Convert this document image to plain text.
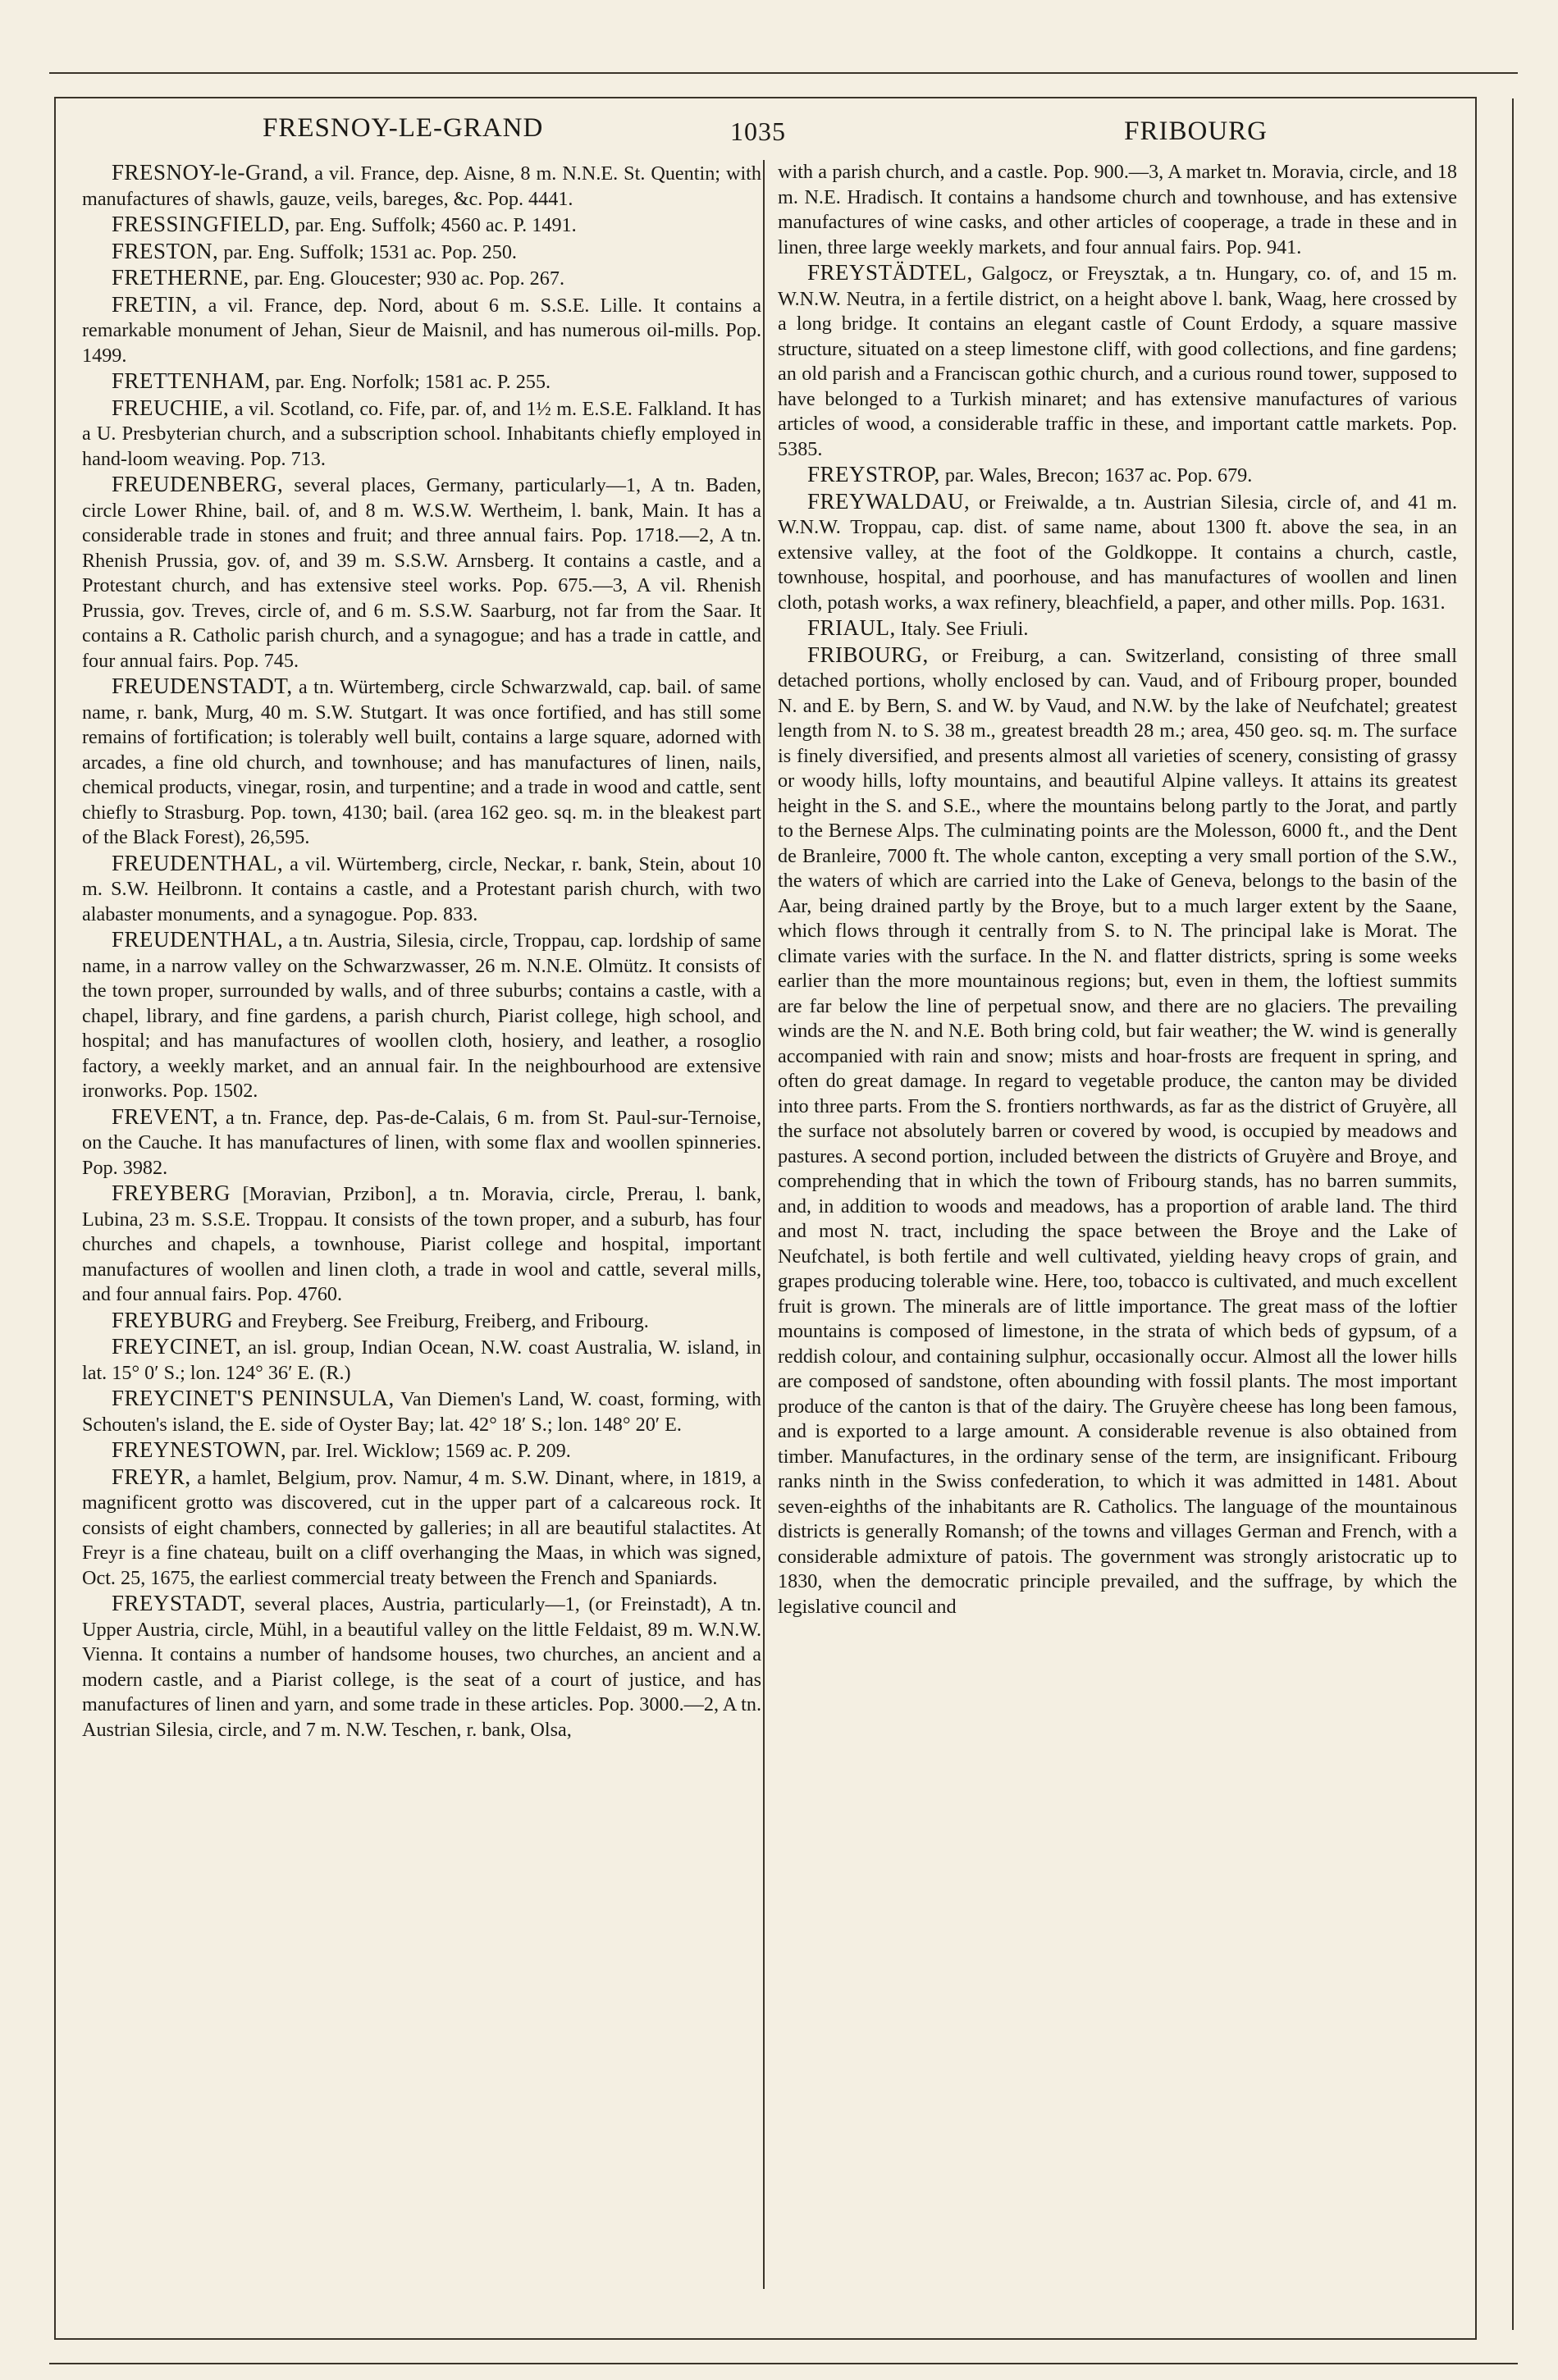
FRESNOY-LE-GRAND	1035	FRIBOURG

FRESNOY-le-Grand, a vil. France, dep. Aisne, 8 m. N.N.E. St. Quentin; with manufactures of shawls, gauze, veils, bareges, &c. Pop. 4441.

FRESSINGFIELD, par. Eng. Suffolk; 4560 ac. P. 1491.

FRESTON, par. Eng. Suffolk; 1531 ac. Pop. 250.

FRETHERNE, par. Eng. Gloucester; 930 ac. Pop. 267.

FRETIN, a vil. France, dep. Nord, about 6 m. S.S.E. Lille. It contains a remarkable monument of Jehan, Sieur de Maisnil, and has numerous oil-mills. Pop. 1499.

FRETTENHAM, par. Eng. Norfolk; 1581 ac. P. 255.

FREUCHIE, a vil. Scotland, co. Fife, par. of, and 1½ m. E.S.E. Falkland. It has a U. Presbyterian church, and a subscription school. Inhabitants chiefly employed in hand-loom weaving. Pop. 713.

FREUDENBERG, several places, Germany, particularly—1, A tn. Baden, circle Lower Rhine, bail. of, and 8 m. W.S.W. Wertheim, l. bank, Main. It has a considerable trade in stones and fruit; and three annual fairs. Pop. 1718.—2, A tn. Rhenish Prussia, gov. of, and 39 m. S.S.W. Arnsberg. It contains a castle, and a Protestant church, and has extensive steel works. Pop. 675.—3, A vil. Rhenish Prussia, gov. Treves, circle of, and 6 m. S.S.W. Saarburg, not far from the Saar. It contains a R. Catholic parish church, and a synagogue; and has a trade in cattle, and four annual fairs. Pop. 745.

FREUDENSTADT, a tn. Würtemberg, circle Schwarzwald, cap. bail. of same name, r. bank, Murg, 40 m. S.W. Stutgart. It was once fortified, and has still some remains of fortification; is tolerably well built, contains a large square, adorned with arcades, a fine old church, and townhouse; and has manufactures of linen, nails, chemical products, vinegar, rosin, and turpentine; and a trade in wood and cattle, sent chiefly to Strasburg. Pop. town, 4130; bail. (area 162 geo. sq. m. in the bleakest part of the Black Forest), 26,595.

FREUDENTHAL, a vil. Würtemberg, circle, Neckar, r. bank, Stein, about 10 m. S.W. Heilbronn. It contains a castle, and a Protestant parish church, with two alabaster monuments, and a synagogue. Pop. 833.

FREUDENTHAL, a tn. Austria, Silesia, circle, Troppau, cap. lordship of same name, in a narrow valley on the Schwarzwasser, 26 m. N.N.E. Olmütz. It consists of the town proper, surrounded by walls, and of three suburbs; contains a castle, with a chapel, library, and fine gardens, a parish church, Piarist college, high school, and hospital; and has manufactures of woollen cloth, hosiery, and leather, a rosoglio factory, a weekly market, and an annual fair. In the neighbourhood are extensive ironworks. Pop. 1502.

FREVENT, a tn. France, dep. Pas-de-Calais, 6 m. from St. Paul-sur-Ternoise, on the Cauche. It has manufactures of linen, with some flax and woollen spinneries. Pop. 3982.

FREYBERG [Moravian, Przibon], a tn. Moravia, circle, Prerau, l. bank, Lubina, 23 m. S.S.E. Troppau. It consists of the town proper, and a suburb, has four churches and chapels, a townhouse, Piarist college and hospital, important manufactures of woollen and linen cloth, a trade in wool and cattle, several mills, and four annual fairs. Pop. 4760.

FREYBURG and Freyberg. See Freiburg, Freiberg, and Fribourg.

FREYCINET, an isl. group, Indian Ocean, N.W. coast Australia, W. island, in lat. 15° 0′ S.; lon. 124° 36′ E. (R.)

FREYCINET'S PENINSULA, Van Diemen's Land, W. coast, forming, with Schouten's island, the E. side of Oyster Bay; lat. 42° 18′ S.; lon. 148° 20′ E.

FREYNESTOWN, par. Irel. Wicklow; 1569 ac. P. 209.

FREYR, a hamlet, Belgium, prov. Namur, 4 m. S.W. Dinant, where, in 1819, a magnificent grotto was discovered, cut in the upper part of a calcareous rock. It consists of eight chambers, connected by galleries; in all are beautiful stalactites. At Freyr is a fine chateau, built on a cliff overhanging the Maas, in which was signed, Oct. 25, 1675, the earliest commercial treaty between the French and Spaniards.

FREYSTADT, several places, Austria, particularly—1, (or Freinstadt), A tn. Upper Austria, circle, Mühl, in a beautiful valley on the little Feldaist, 89 m. W.N.W. Vienna. It contains a number of handsome houses, two churches, an ancient and a modern castle, and a Piarist college, is the seat of a court of justice, and has manufactures of linen and yarn, and some trade in these articles. Pop. 3000.—2, A tn. Austrian Silesia, circle, and 7 m. N.W. Teschen, r. bank, Olsa,

with a parish church, and a castle. Pop. 900.—3, A market tn. Moravia, circle, and 18 m. N.E. Hradisch. It contains a handsome church and townhouse, and has extensive manufactures of wine casks, and other articles of cooperage, a trade in these and in linen, three large weekly markets, and four annual fairs. Pop. 941.

FREYSTÄDTEL, Galgocz, or Freysztak, a tn. Hungary, co. of, and 15 m. W.N.W. Neutra, in a fertile district, on a height above l. bank, Waag, here crossed by a long bridge. It contains an elegant castle of Count Erdody, a square massive structure, situated on a steep limestone cliff, with good collections, and fine gardens; an old parish and a Franciscan gothic church, and a curious round tower, supposed to have belonged to a Turkish minaret; and has extensive manufactures of various articles of wood, a considerable traffic in these, and important cattle markets. Pop. 5385.

FREYSTROP, par. Wales, Brecon; 1637 ac. Pop. 679.

FREYWALDAU, or Freiwalde, a tn. Austrian Silesia, circle of, and 41 m. W.N.W. Troppau, cap. dist. of same name, about 1300 ft. above the sea, in an extensive valley, at the foot of the Goldkoppe. It contains a church, castle, townhouse, hospital, and poorhouse, and has manufactures of woollen and linen cloth, potash works, a wax refinery, bleachfield, a paper, and other mills. Pop. 1631.

FRIAUL, Italy. See Friuli.

FRIBOURG, or Freiburg, a can. Switzerland, consisting of three small detached portions, wholly enclosed by can. Vaud, and of Fribourg proper, bounded N. and E. by Bern, S. and W. by Vaud, and N.W. by the lake of Neufchatel; greatest length from N. to S. 38 m., greatest breadth 28 m.; area, 450 geo. sq. m. The surface is finely diversified, and presents almost all varieties of scenery, consisting of grassy or woody hills, lofty mountains, and beautiful Alpine valleys. It attains its greatest height in the S. and S.E., where the mountains belong partly to the Jorat, and partly to the Bernese Alps. The culminating points are the Molesson, 6000 ft., and the Dent de Branleire, 7000 ft. The whole canton, excepting a very small portion of the S.W., the waters of which are carried into the Lake of Geneva, belongs to the basin of the Aar, being drained partly by the Broye, but to a much larger extent by the Saane, which flows through it centrally from S. to N. The principal lake is Morat. The climate varies with the surface. In the N. and flatter districts, spring is some weeks earlier than the more mountainous regions; but, even in them, the loftiest summits are far below the line of perpetual snow, and there are no glaciers. The prevailing winds are the N. and N.E. Both bring cold, but fair weather; the W. wind is generally accompanied with rain and snow; mists and hoar-frosts are frequent in spring, and often do great damage. In regard to vegetable produce, the canton may be divided into three parts. From the S. frontiers northwards, as far as the district of Gruyère, all the surface not absolutely barren or covered by wood, is occupied by meadows and pastures. A second portion, included between the districts of Gruyère and Broye, and comprehending that in which the town of Fribourg stands, has no barren summits, and, in addition to woods and meadows, has a proportion of arable land. The third and most N. tract, including the space between the Broye and the Lake of Neufchatel, is both fertile and well cultivated, yielding heavy crops of grain, and grapes producing tolerable wine. Here, too, tobacco is cultivated, and much excellent fruit is grown. The minerals are of little importance. The great mass of the loftier mountains is composed of limestone, in the strata of which beds of gypsum, of a reddish colour, and containing sulphur, occasionally occur. Almost all the lower hills are composed of sandstone, often abounding with fossil plants. The most important produce of the canton is that of the dairy. The Gruyère cheese has long been famous, and is exported to a large amount. A considerable revenue is also obtained from timber. Manufactures, in the ordinary sense of the term, are insignificant. Fribourg ranks ninth in the Swiss confederation, to which it was admitted in 1481. About seven-eighths of the inhabitants are R. Catholics. The language of the mountainous districts is generally Romansh; of the towns and villages German and French, with a considerable admixture of patois. The government was strongly aristocratic up to 1830, when the democratic principle prevailed, and the suffrage, by which the legislative council and
